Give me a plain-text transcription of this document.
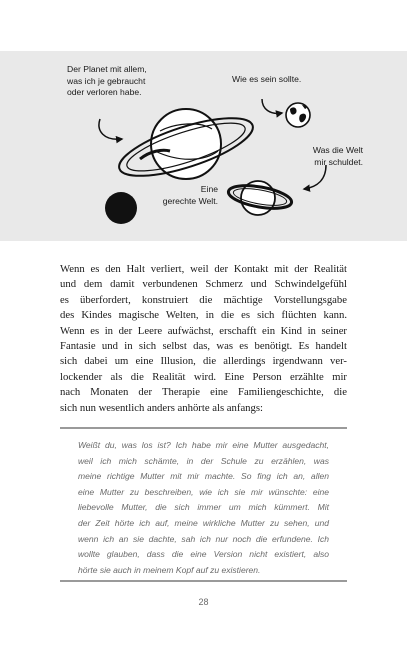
Der Planet mit allem,
was ich je gebraucht
oder verloren habe.
Wie es sein sollte.
Was die Welt
mir schuldet.
Eine
gerechte Welt.
Wenn es den Halt verliert, weil der Kontakt mit der Realität
und dem damit verbundenen Schmerz und Schwindelgefühl
es überfordert, konstruiert die mächtige Vorstellungsgabe
des Kindes magische Welten, in die es sich flüchten kann.
Wenn es in der Leere aufwächst, erschafft ein Kind in seiner
Fantasie und in sich selbst das, was es benötigt. Es handelt
sich dabei um eine Illusion, die allerdings irgendwann ver-
lockender als die Realität wird. Eine Person erzählte mir
nach Monaten der Therapie eine Familiengeschichte, die
sich nun wesentlich anders anhörte als anfangs:
Weißt du, was los ist? Ich habe mir eine Mutter ausgedacht,
weil ich mich schämte, in der Schule zu erzählen, was
meine richtige Mutter mit mir machte. So fing ich an, allen
eine Mutter zu beschreiben, wie ich sie mir wünschte: eine
liebevolle Mutter, die sich immer um mich kümmert. Mit
der Zeit hörte ich auf, meine wirkliche Mutter zu sehen, und
wenn ich an sie dachte, sah ich nur noch die erfundene. Ich
wollte glauben, dass die eine Version nicht existiert, also
hörte sie auch in meinem Kopf auf zu existieren.
28
